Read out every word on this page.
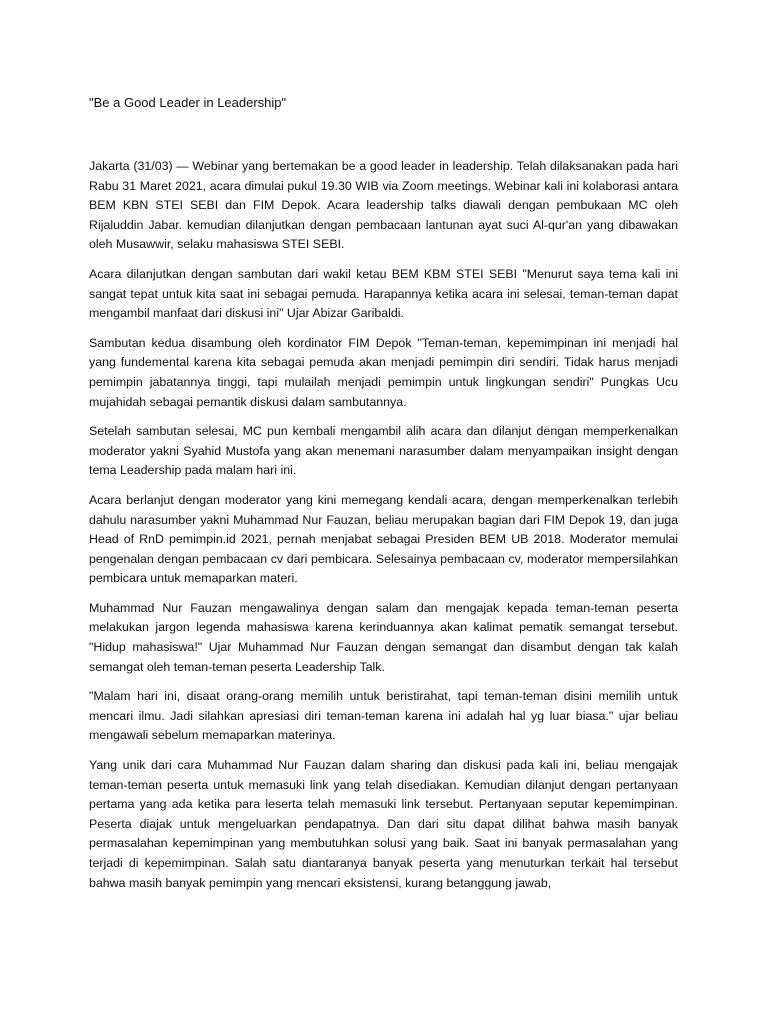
"Be a Good Leader in Leadership"

Jakarta (31/03) — Webinar yang bertemakan be a good leader in leadership. Telah dilaksanakan pada hari Rabu 31 Maret 2021, acara dimulai pukul 19.30 WIB via Zoom meetings. Webinar kali ini kolaborasi antara BEM KBN STEI SEBI dan FIM Depok. Acara leadership talks diawali dengan pembukaan MC oleh Rijaluddin Jabar. kemudian dilanjutkan dengan pembacaan lantunan ayat suci Al-qur'an yang dibawakan oleh Musawwir, selaku mahasiswa STEI SEBI.

Acara dilanjutkan dengan sambutan dari wakil ketau BEM KBM STEI SEBI "Menurut saya tema kali ini sangat tepat untuk kita saat ini sebagai pemuda. Harapannya ketika acara ini selesai, teman-teman dapat mengambil manfaat dari diskusi ini" Ujar Abizar Garibaldi.

Sambutan kedua disambung oleh kordinator FIM Depok "Teman-teman, kepemimpinan ini menjadi hal yang fundemental karena kita sebagai pemuda akan menjadi pemimpin diri sendiri. Tidak harus menjadi pemimpin jabatannya tinggi, tapi mulailah menjadi pemimpin untuk lingkungan sendiri" Pungkas Ucu mujahidah sebagai pemantik diskusi dalam sambutannya.

Setelah sambutan selesai, MC pun kembali mengambil alih acara dan dilanjut dengan memperkenalkan moderator yakni Syahid Mustofa yang akan menemani narasumber dalam menyampaikan insight dengan tema Leadership pada malam hari ini.

Acara berlanjut dengan moderator yang kini memegang kendali acara, dengan memperkenalkan terlebih dahulu narasumber yakni Muhammad Nur Fauzan, beliau merupakan bagian dari FIM Depok 19, dan juga Head of RnD pemimpin.id 2021, pernah menjabat sebagai Presiden BEM UB 2018. Moderator memulai pengenalan dengan pembacaan cv dari pembicara. Selesainya pembacaan cv, moderator mempersilahkan pembicara untuk memaparkan materi.

Muhammad Nur Fauzan mengawalinya dengan salam dan mengajak kepada teman-teman peserta melakukan jargon legenda mahasiswa karena kerinduannya akan kalimat pematik semangat tersebut. "Hidup mahasiswa!" Ujar Muhammad Nur Fauzan dengan semangat dan disambut dengan tak kalah semangat oleh teman-teman peserta Leadership Talk.

"Malam hari ini, disaat orang-orang memilih untuk beristirahat, tapi teman-teman disini memilih untuk mencari ilmu. Jadi silahkan apresiasi diri teman-teman karena ini adalah hal yg luar biasa." ujar beliau mengawali sebelum memaparkan materinya.

Yang unik dari cara Muhammad Nur Fauzan dalam sharing dan diskusi pada kali ini, beliau mengajak teman-teman peserta untuk memasuki link yang telah disediakan. Kemudian dilanjut dengan pertanyaan pertama yang ada ketika para leserta telah memasuki link tersebut. Pertanyaan seputar kepemimpinan. Peserta diajak untuk mengeluarkan pendapatnya. Dan dari situ dapat dilihat bahwa masih banyak permasalahan kepemimpinan yang membutuhkan solusi yang baik. Saat ini banyak permasalahan yang terjadi di kepemimpinan. Salah satu diantaranya banyak peserta yang menuturkan terkait hal tersebut bahwa masih banyak pemimpin yang mencari eksistensi, kurang betanggung jawab,
